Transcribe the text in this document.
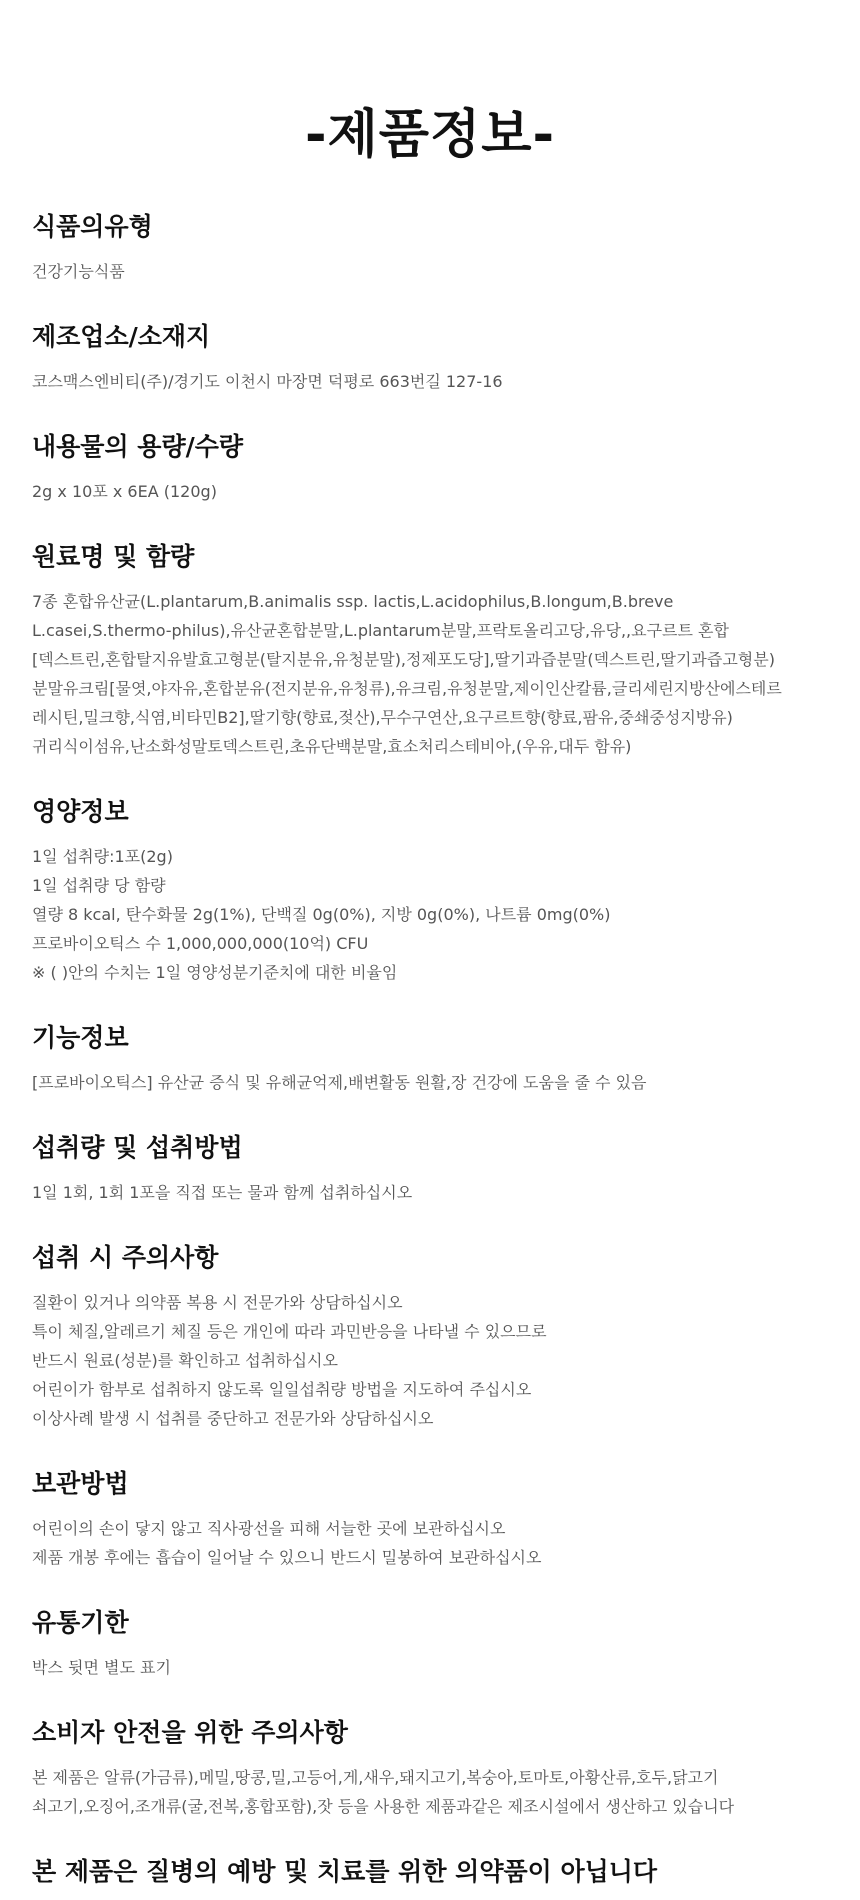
-제품정보-
식품의유형

건강기능식품

제조업소/소재지

코스맥스엔비티(주)/경기도 이천시 마장면 덕평로 663번길 127-16

내용물의 용량/수량

2g x 10포 x 6EA (120g)

원료명 및 함량

7종 혼합유산균(L.plantarum,B.animalis ssp. lactis,L.acidophilus,B.longum,B.breve

L.casei,S.thermo-philus),유산균혼합분말,L.plantarum분말,프락토올리고당,유당,,요구르트 혼합

[덱스트린,혼합탈지유발효고형분(탈지분유,유청분말),정제포도당],딸기과즙분말(덱스트린,딸기과즙고형분)

분말유크림[물엿,야자유,혼합분유(전지분유,유청류),유크림,유청분말,제이인산칼륨,글리세린지방산에스테르

레시틴,밀크향,식염,비타민B2],딸기향(향료,젖산),무수구연산,요구르트향(향료,팜유,중쇄중성지방유)

귀리식이섬유,난소화성말토덱스트린,초유단백분말,효소처리스테비아,(우유,대두 함유)

영양정보

1일 섭취량:1포(2g)

1일 섭취량 당 함량

열량 8 kcal, 탄수화물 2g(1%), 단백질 0g(0%), 지방 0g(0%), 나트륨 0mg(0%)

프로바이오틱스 수 1,000,000,000(10억) CFU

※ ( )안의 수치는 1일 영양성분기준치에 대한 비율임

기능정보

[프로바이오틱스] 유산균 증식 및 유해균억제,배변활동 원활,장 건강에 도움을 줄 수 있음

섭취량 및 섭취방법

1일 1회, 1회 1포을 직접 또는 물과 함께 섭취하십시오

섭취 시 주의사항

질환이 있거나 의약품 복용 시 전문가와 상담하십시오

특이 체질,알레르기 체질 등은 개인에 따라 과민반응을 나타낼 수 있으므로

반드시 원료(성분)를 확인하고 섭취하십시오

어린이가 함부로 섭취하지 않도록 일일섭취량 방법을 지도하여 주십시오

이상사례 발생 시 섭취를 중단하고 전문가와 상담하십시오

보관방법

어린이의 손이 닿지 않고 직사광선을 피해 서늘한 곳에 보관하십시오

제품 개봉 후에는 흡습이 일어날 수 있으니 반드시 밀봉하여 보관하십시오

유통기한

박스 뒷면 별도 표기

소비자 안전을 위한 주의사항

본 제품은 알류(가금류),메밀,땅콩,밀,고등어,게,새우,돼지고기,복숭아,토마토,아황산류,호두,닭고기

쇠고기,오징어,조개류(굴,전복,홍합포함),잣 등을 사용한 제품과같은 제조시설에서 생산하고 있습니다

본 제품은 질병의 예방 및 치료를 위한 의약품이 아닙니다
